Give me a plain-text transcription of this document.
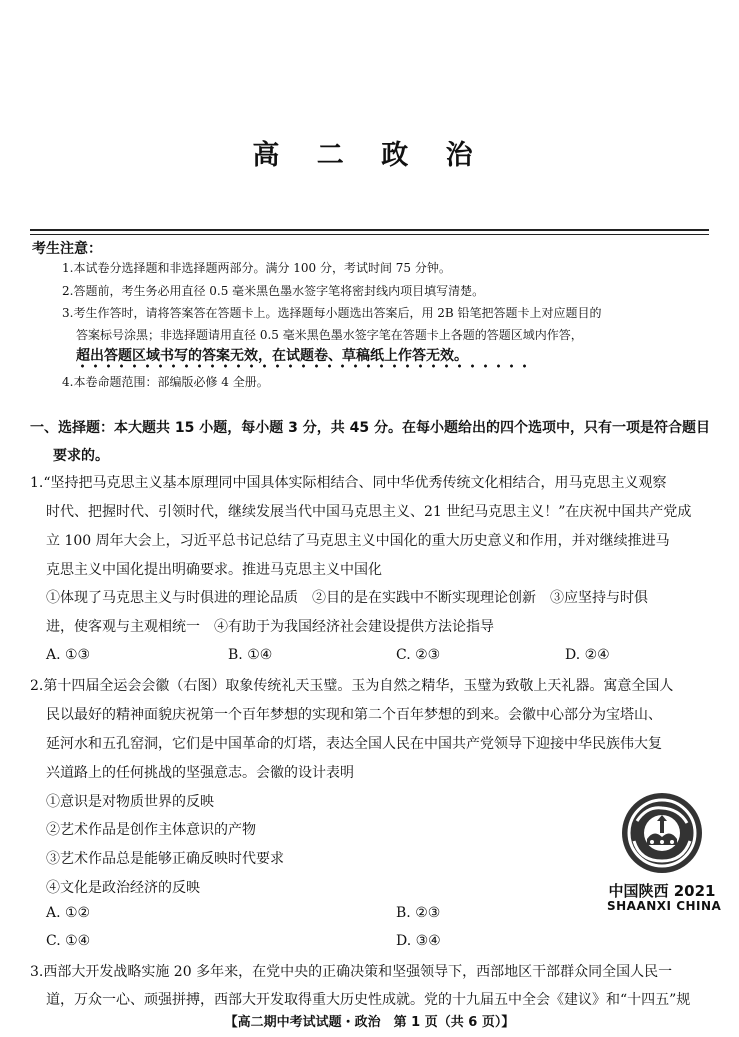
高 二 政 治
考生注意：
1.本试卷分选择题和非选择题两部分。满分 100 分，考试时间 75 分钟。
2.答题前，考生务必用直径 0.5 毫米黑色墨水签字笔将密封线内项目填写清楚。
3.考生作答时，请将答案答在答题卡上。选择题每小题选出答案后，用 2B 铅笔把答题卡上对应题目的
答案标号涂黑；非选择题请用直径 0.5 毫米黑色墨水签字笔在答题卡上各题的答题区域内作答，
超出答题区域书写的答案无效，在试题卷、草稿纸上作答无效。
4.本卷命题范围：部编版必修 4 全册。
一、选择题：本大题共 15 小题，每小题 3 分，共 45 分。在每小题给出的四个选项中，只有一项是符合题目
要求的。
1.“坚持把马克思主义基本原理同中国具体实际相结合、同中华优秀传统文化相结合，用马克思主义观察
时代、把握时代、引领时代，继续发展当代中国马克思主义、21 世纪马克思主义！”在庆祝中国共产党成
立 100 周年大会上，习近平总书记总结了马克思主义中国化的重大历史意义和作用，并对继续推进马
克思主义中国化提出明确要求。推进马克思主义中国化
①体现了马克思主义与时俱进的理论品质　②目的是在实践中不断实现理论创新　③应坚持与时俱
进，使客观与主观相统一　④有助于为我国经济社会建设提供方法论指导
A. ①③	B. ①④	C. ②③	D. ②④
2.第十四届全运会会徽（右图）取象传统礼天玉璧。玉为自然之精华，玉璧为致敬上天礼器。寓意全国人
民以最好的精神面貌庆祝第一个百年梦想的实现和第二个百年梦想的到来。会徽中心部分为宝塔山、
延河水和五孔窑洞，它们是中国革命的灯塔，表达全国人民在中国共产党领导下迎接中华民族伟大复
兴道路上的任何挑战的坚强意志。会徽的设计表明
①意识是对物质世界的反映
②艺术作品是创作主体意识的产物
③艺术作品总是能够正确反映时代要求
④文化是政治经济的反映
A. ①②	B. ②③
C. ①④	D. ③④
中国陕西 2021
SHAANXI CHINA
3.西部大开发战略实施 20 多年来，在党中央的正确决策和坚强领导下，西部地区干部群众同全国人民一
道，万众一心、顽强拼搏，西部大开发取得重大历史性成就。党的十九届五中全会《建议》和“十四五”规
【高二期中考试试题・政治　第 1 页（共 6 页）】
